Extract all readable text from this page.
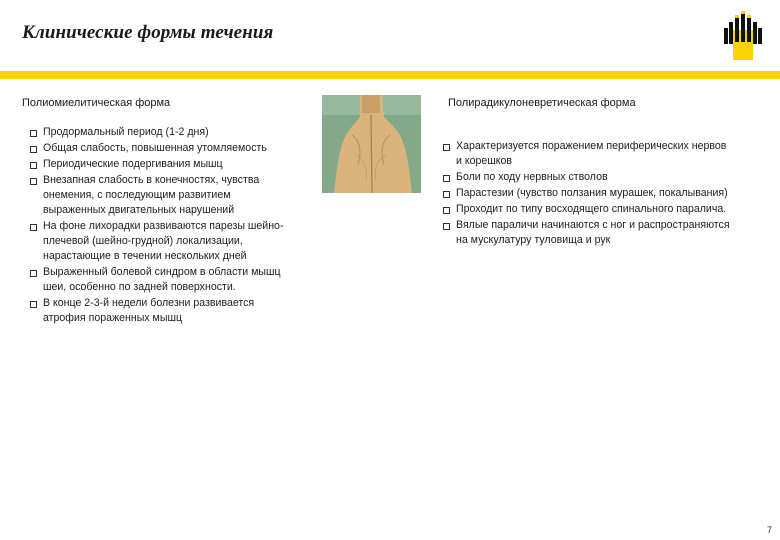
Клинические формы течения
Полиомиелитическая форма
Продормальный период (1-2 дня)
Общая слабость, повышенная утомляемость
Периодические подергивания мышц
Внезапная слабость в конечностях, чувства онемения, с последующим развитием выраженных двигательных нарушений
На фоне лихорадки развиваются парезы шейно-плечевой (шейно-грудной) локализации, нарастающие в течении нескольких дней
Выраженный болевой синдром в области мышц шеи, особенно по задней поверхности.
В конце 2-3-й недели болезни развивается атрофия пораженных мышц
Полирадикулоневретическая форма
Характеризуется поражением периферических нервов и корешков
Боли по ходу нервных стволов
Парастезии (чувство ползания мурашек, покалывания)
Проходит по типу восходящего спинального паралича.
Вялые параличи начинаются с ног и распространяются на мускулатуру туловища и рук
7
